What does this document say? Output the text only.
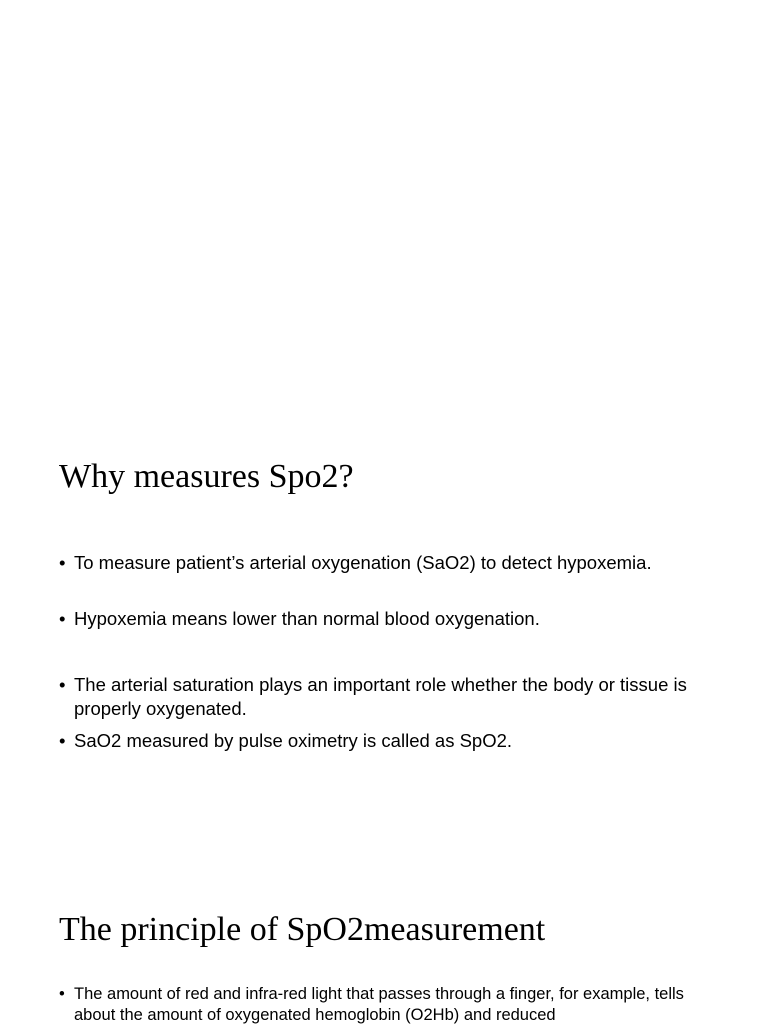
Why measures Spo2?
• To measure patient’s arterial oxygenation (SaO2) to detect hypoxemia.
• Hypoxemia means lower than normal blood oxygenation.
• The arterial saturation plays an important role whether the body or tissue is properly oxygenated.
• SaO2 measured by pulse oximetry is called as SpO2.
The principle of SpO2measurement
• The amount of red and infra-red light that passes through a finger, for example, tells about the amount of oxygenated hemoglobin (O2Hb) and reduced
